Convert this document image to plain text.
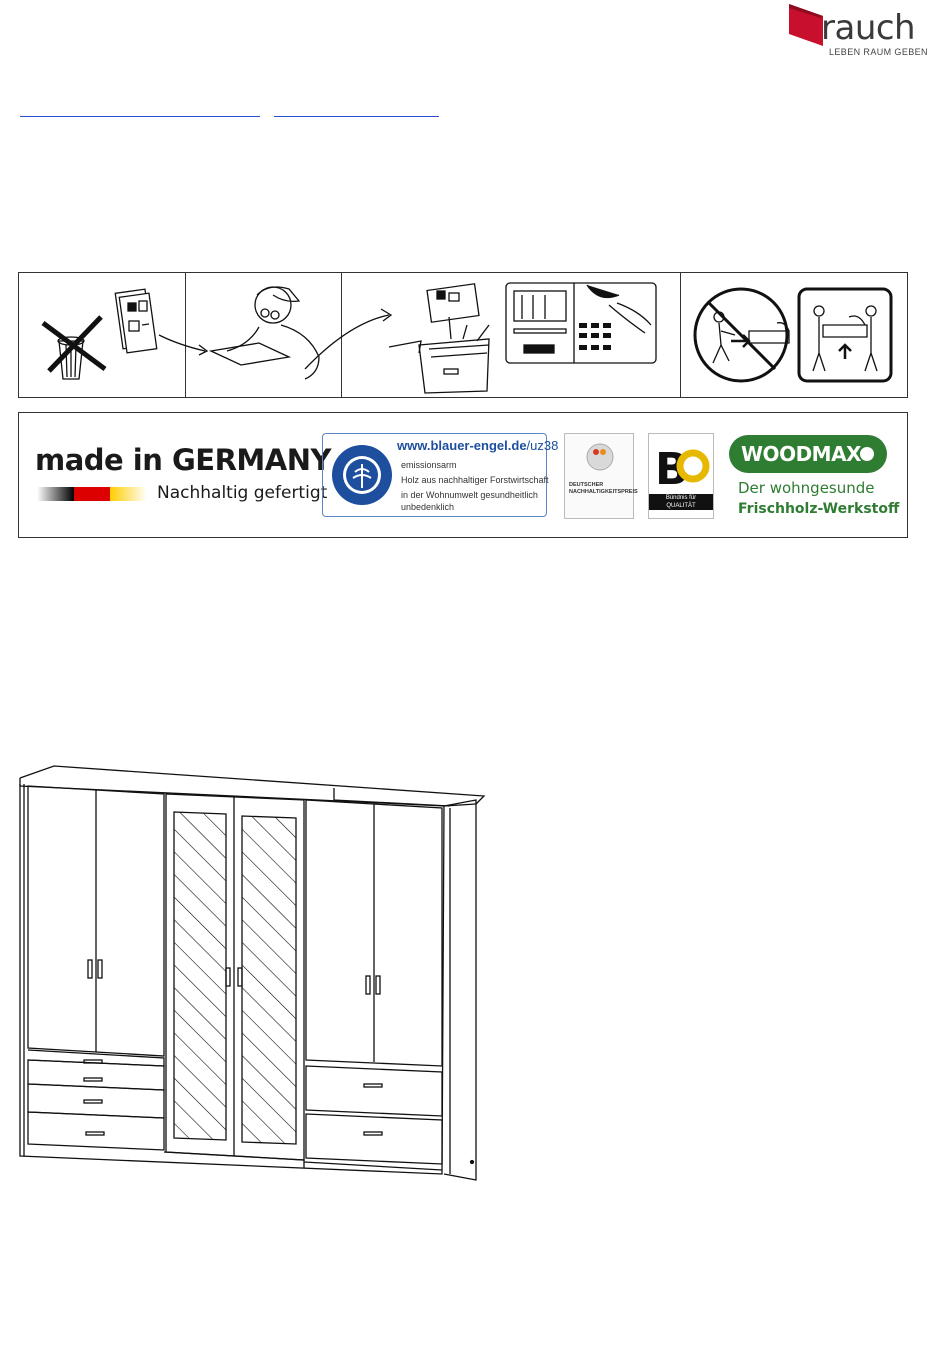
rauch
LEBEN RAUM GEBEN
made in GERMANY
Nachhaltig gefertigt
www.blauer-engel.de/uz38
emissionsarm
Holz aus nachhaltiger Forstwirtschaft
in der Wohnumwelt gesundheitlich
unbedenklich
DEUTSCHER
NACHHALTIGKEITSPREIS B
Bündnis für
QUALITÄT
WOODMAX
Der wohngesunde
Frischholz-Werkstoff
